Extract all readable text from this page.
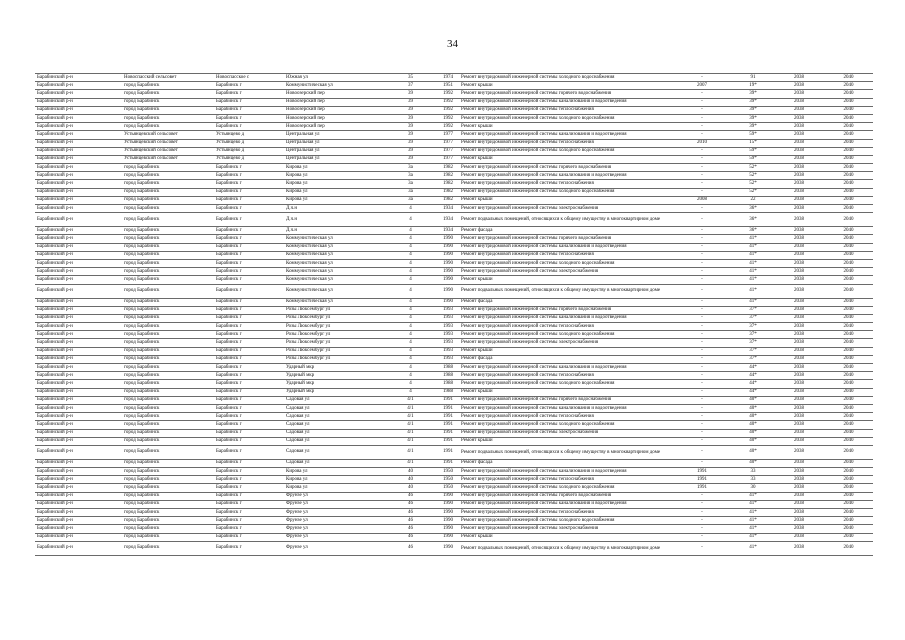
34
Барабинский р-н	Новоспасский сельсовет	Новоспасское с	Южная ул	35	1974	Ремонт внутридомовой инженерной системы холодного водоснабжения	-	91	2038	2040
Барабинский р-н	город Барабинск	Барабинск г	Коммунистическая ул	37	1951	Ремонт крыши	2007	19*	2038	2040
Барабинский р-н	город Барабинск	Барабинск г	Новоозерский пер	39	1992	Ремонт внутридомовой инженерной системы горячего водоснабжения	-	39*	2038	2040
Барабинский р-н	город Барабинск	Барабинск г	Новоозерский пер	39	1992	Ремонт внутридомовой инженерной системы канализования и водоотведения	-	39*	2038	2040
Барабинский р-н	город Барабинск	Барабинск г	Новоозерский пер	39	1992	Ремонт внутридомовой инженерной системы теплоснабжения	-	39*	2038	2040
Барабинский р-н	город Барабинск	Барабинск г	Новоозерский пер	39	1992	Ремонт внутридомовой инженерной системы холодного водоснабжения	-	39*	2038	2040
Барабинский р-н	город Барабинск	Барабинск г	Новоозерский пер	39	1992	Ремонт крыши	-	39*	2038	2040
Барабинский р-н	Устьянцевский сельсовет	Устьянцево д	Центральная ул	39	1977	Ремонт внутридомовой инженерной системы канализования и водоотведения	-	59*	2038	2040
Барабинский р-н	Устьянцевский сельсовет	Устьянцево д	Центральная ул	39	1977	Ремонт внутридомовой инженерной системы теплоснабжения	2010	15*	2038	2040
Барабинский р-н	Устьянцевский сельсовет	Устьянцево д	Центральная ул	39	1977	Ремонт внутридомовой инженерной системы холодного водоснабжения	-	59*	2038	2040
Барабинский р-н	Устьянцевский сельсовет	Устьянцево д	Центральная ул	39	1977	Ремонт крыши	-	59*	2038	2040
Барабинский р-н	город Барабинск	Барабинск г	Кирова ул	3а	1982	Ремонт внутридомовой инженерной системы горячего водоснабжения	-	52*	2038	2040
Барабинский р-н	город Барабинск	Барабинск г	Кирова ул	3а	1982	Ремонт внутридомовой инженерной системы канализования и водоотведения	-	52*	2038	2040
Барабинский р-н	город Барабинск	Барабинск г	Кирова ул	3а	1982	Ремонт внутридомовой инженерной системы теплоснабжения	-	52*	2038	2040
Барабинский р-н	город Барабинск	Барабинск г	Кирова ул	3а	1982	Ремонт внутридомовой инженерной системы холодного водоснабжения	-	52*	2038	2040
Барабинский р-н	город Барабинск	Барабинск г	Кирова ул	3а	1982	Ремонт крыши	2008	22	2038	2040
Барабинский р-н	город Барабинск	Барабинск г	Д.ч.н	4	1934	Ремонт внутридомовой инженерной системы электроснабжения	-	36*	2038	2040
Барабинский р-н	город Барабинск	Барабинск г	Д.ч.н	4	1934	Ремонт подвальных помещений, относящихся к общему имуществу в многоквартирном доме	-	36*	2038	2040
Барабинский р-н	город Барабинск	Барабинск г	Д.ч.н	4	1934	Ремонт фасада	-	36*	2038	2040
Барабинский р-н	город Барабинск	Барабинск г	Коммунистическая ул	4	1990	Ремонт внутридомовой инженерной системы горячего водоснабжения	-	41*	2038	2040
Барабинский р-н	город Барабинск	Барабинск г	Коммунистическая ул	4	1990	Ремонт внутридомовой инженерной системы канализования и водоотведения	-	41*	2038	2040
Барабинский р-н	город Барабинск	Барабинск г	Коммунистическая ул	4	1990	Ремонт внутридомовой инженерной системы теплоснабжения	-	41*	2038	2040
Барабинский р-н	город Барабинск	Барабинск г	Коммунистическая ул	4	1990	Ремонт внутридомовой инженерной системы холодного водоснабжения	-	41*	2038	2040
Барабинский р-н	город Барабинск	Барабинск г	Коммунистическая ул	4	1990	Ремонт внутридомовой инженерной системы электроснабжения	-	41*	2038	2040
Барабинский р-н	город Барабинск	Барабинск г	Коммунистическая ул	4	1990	Ремонт крыши	-	41*	2038	2040
Барабинский р-н	город Барабинск	Барабинск г	Коммунистическая ул	4	1990	Ремонт подвальных помещений, относящихся к общему имуществу в многоквартирном доме	-	41*	2038	2040
Барабинский р-н	город Барабинск	Барабинск г	Коммунистическая ул	4	1990	Ремонт фасада	-	41*	2038	2040
Барабинский р-н	город Барабинск	Барабинск г	Розы Люксембург ул	4	1993	Ремонт внутридомовой инженерной системы горячего водоснабжения	-	37*	2038	2040
Барабинский р-н	город Барабинск	Барабинск г	Розы Люксембург ул	4	1993	Ремонт внутридомовой инженерной системы канализования и водоотведения	-	37*	2038	2040
Барабинский р-н	город Барабинск	Барабинск г	Розы Люксембург ул	4	1993	Ремонт внутридомовой инженерной системы теплоснабжения	-	37*	2038	2040
Барабинский р-н	город Барабинск	Барабинск г	Розы Люксембург ул	4	1993	Ремонт внутридомовой инженерной системы холодного водоснабжения	-	37*	2038	2040
Барабинский р-н	город Барабинск	Барабинск г	Розы Люксембург ул	4	1993	Ремонт внутридомовой инженерной системы электроснабжения	-	37*	2038	2040
Барабинский р-н	город Барабинск	Барабинск г	Розы Люксембург ул	4	1993	Ремонт крыши	-	37*	2038	2040
Барабинский р-н	город Барабинск	Барабинск г	Розы Люксембург ул	4	1993	Ремонт фасада	-	37*	2038	2040
Барабинский р-н	город Барабинск	Барабинск г	Ударный мкр	4	1988	Ремонт внутридомовой инженерной системы канализования и водоотведения	-	44*	2038	2040
Барабинский р-н	город Барабинск	Барабинск г	Ударный мкр	4	1988	Ремонт внутридомовой инженерной системы теплоснабжения	-	44*	2038	2040
Барабинский р-н	город Барабинск	Барабинск г	Ударный мкр	4	1988	Ремонт внутридомовой инженерной системы холодного водоснабжения	-	44*	2038	2040
Барабинский р-н	город Барабинск	Барабинск г	Ударный мкр	4	1988	Ремонт крыши	-	44*	2038	2040
Барабинский р-н	город Барабинск	Барабинск г	Садовая ул	4/1	1991	Ремонт внутридомовой инженерной системы горячего водоснабжения	-	40*	2038	2040
Барабинский р-н	город Барабинск	Барабинск г	Садовая ул	4/1	1991	Ремонт внутридомовой инженерной системы канализования и водоотведения	-	40*	2038	2040
Барабинский р-н	город Барабинск	Барабинск г	Садовая ул	4/1	1991	Ремонт внутридомовой инженерной системы теплоснабжения	-	40*	2038	2040
Барабинский р-н	город Барабинск	Барабинск г	Садовая ул	4/1	1991	Ремонт внутридомовой инженерной системы холодного водоснабжения	-	40*	2038	2040
Барабинский р-н	город Барабинск	Барабинск г	Садовая ул	4/1	1991	Ремонт внутридомовой инженерной системы электроснабжения	-	40*	2038	2040
Барабинский р-н	город Барабинск	Барабинск г	Садовая ул	4/1	1991	Ремонт крыши	-	40*	2038	2040
Барабинский р-н	город Барабинск	Барабинск г	Садовая ул	4/1	1991	Ремонт подвальных помещений, относящихся к общему имуществу в многоквартирном доме	-	40*	2038	2040
Барабинский р-н	город Барабинск	Барабинск г	Садовая ул	4/1	1991	Ремонт фасада	-	40*	2038	2040
Барабинский р-н	город Барабинск	Барабинск г	Кирова ул	40	1950	Ремонт внутридомовой инженерной системы канализования и водоотведения	1991	33	2038	2040
Барабинский р-н	город Барабинск	Барабинск г	Кирова ул	40	1950	Ремонт внутридомовой инженерной системы теплоснабжения	1991	33	2038	2040
Барабинский р-н	город Барабинск	Барабинск г	Кирова ул	40	1950	Ремонт внутридомовой инженерной системы холодного водоснабжения	1991	30	2038	2040
Барабинский р-н	город Барабинск	Барабинск г	Фрунзе ул	46	1990	Ремонт внутридомовой инженерной системы горячего водоснабжения	-	41*	2038	2040
Барабинский р-н	город Барабинск	Барабинск г	Фрунзе ул	46	1990	Ремонт внутридомовой инженерной системы канализования и водоотведения	-	41*	2038	2040
Барабинский р-н	город Барабинск	Барабинск г	Фрунзе ул	46	1990	Ремонт внутридомовой инженерной системы теплоснабжения	-	41*	2038	2040
Барабинский р-н	город Барабинск	Барабинск г	Фрунзе ул	46	1990	Ремонт внутридомовой инженерной системы холодного водоснабжения	-	41*	2038	2040
Барабинский р-н	город Барабинск	Барабинск г	Фрунзе ул	46	1990	Ремонт внутридомовой инженерной системы электроснабжения	-	41*	2038	2040
Барабинский р-н	город Барабинск	Барабинск г	Фрунзе ул	46	1990	Ремонт крыши	-	41*	2038	2040
Барабинский р-н	город Барабинск	Барабинск г	Фрунзе ул	46	1990	Ремонт подвальных помещений, относящихся к общему имуществу в многоквартирном доме	-	41*	2038	2040
